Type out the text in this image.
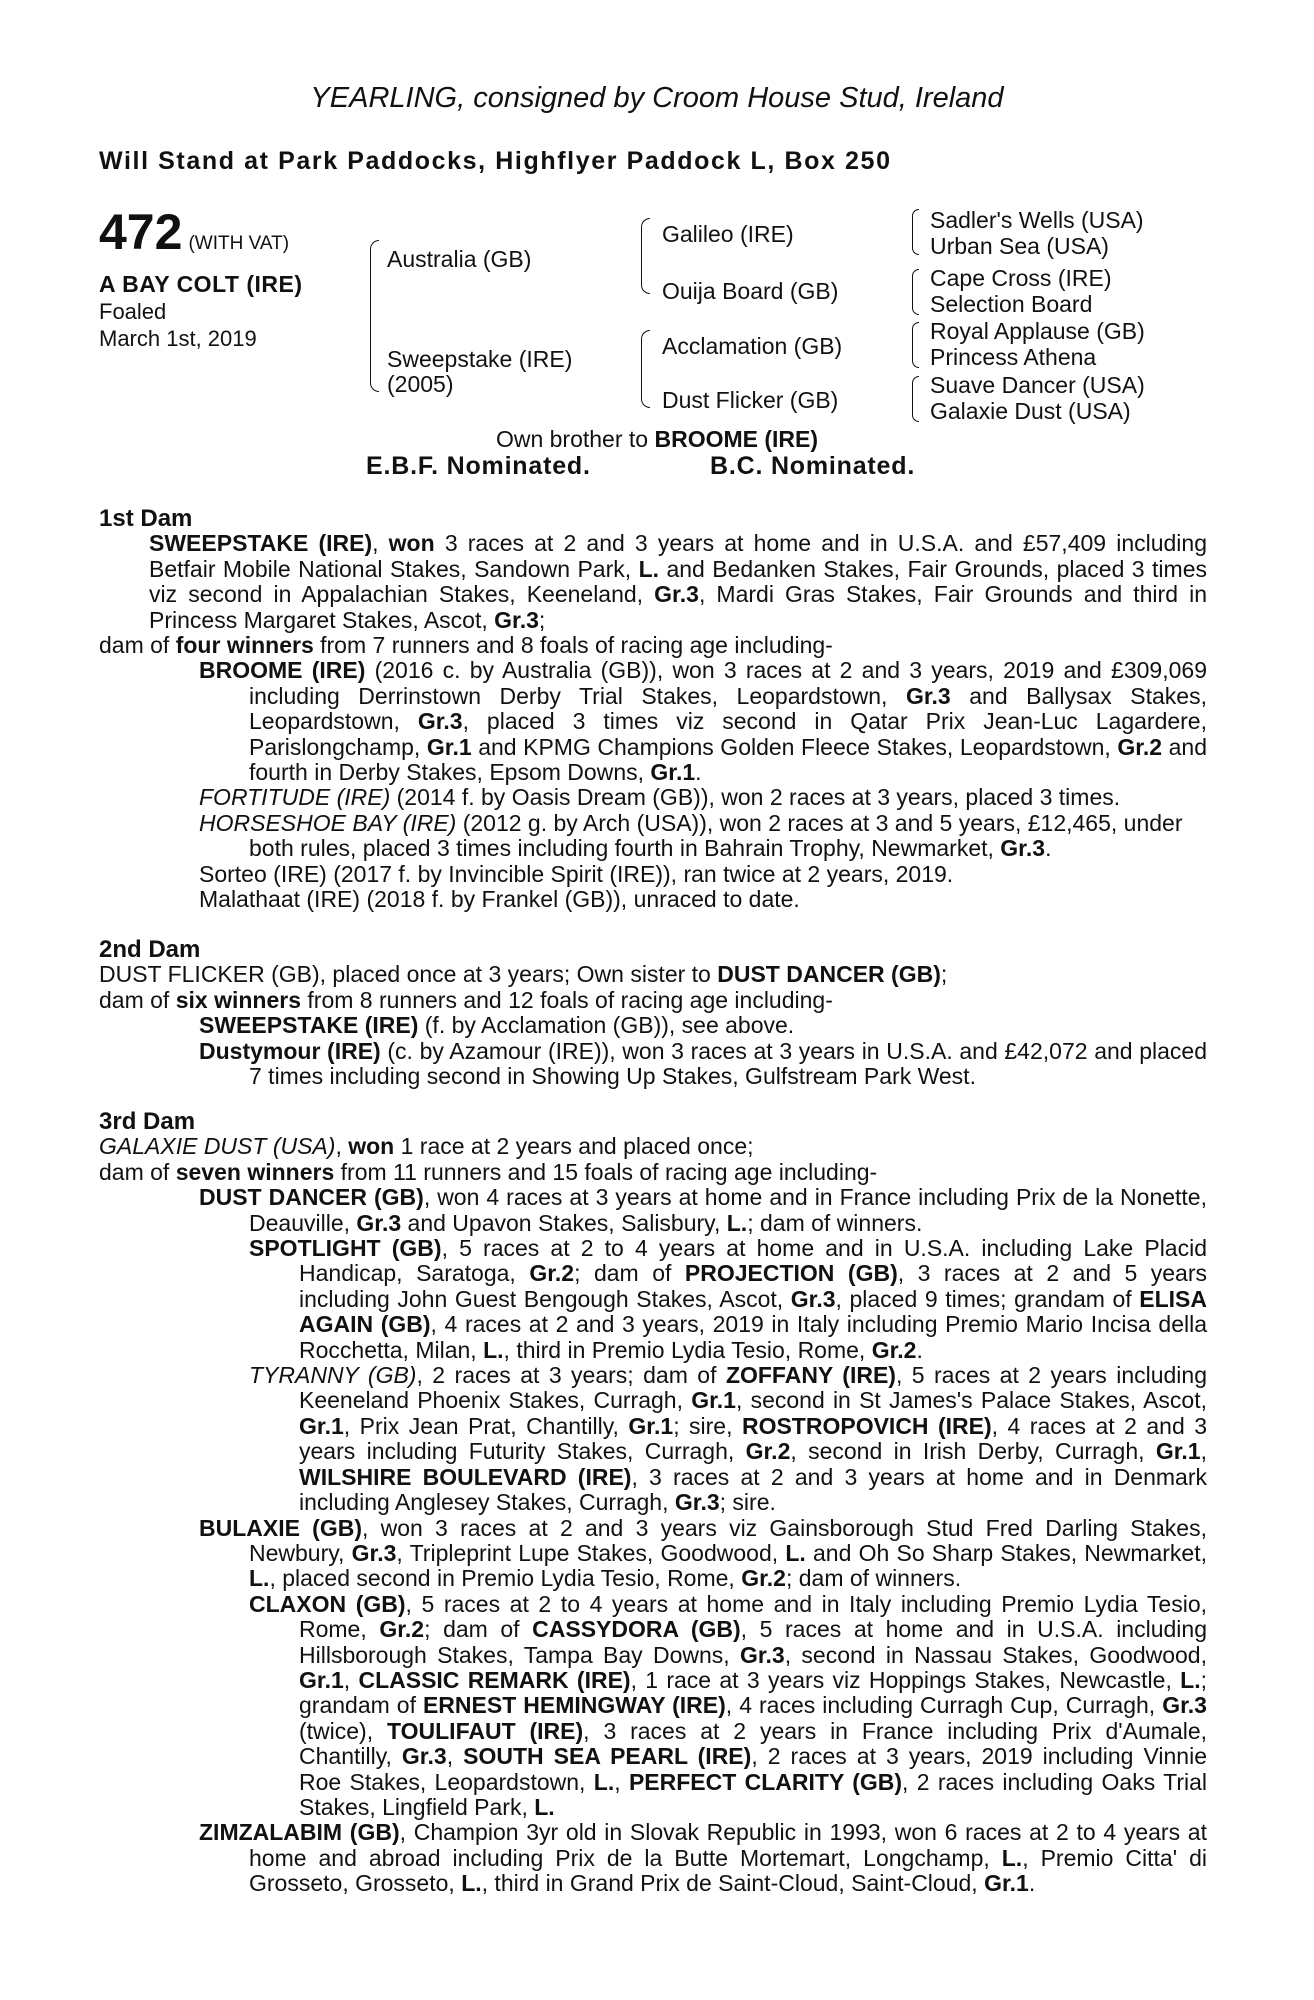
YEARLING, consigned by Croom House Stud, Ireland
Will Stand at Park Paddocks, Highflyer Paddock L, Box 250
472 (WITH VAT)
A BAY COLT (IRE)
Foaled
March 1st, 2019
Australia (GB)
Sweepstake (IRE)
(2005)
Galileo (IRE)
Ouija Board (GB)
Acclamation (GB)
Dust Flicker (GB)
Sadler's Wells (USA)
Urban Sea (USA)
Cape Cross (IRE)
Selection Board
Royal Applause (GB)
Princess Athena
Suave Dancer (USA)
Galaxie Dust (USA)
Own brother to BROOME (IRE)
E.B.F. Nominated.	B.C. Nominated.
1st Dam

SWEEPSTAKE (IRE), won 3 races at 2 and 3 years at home and in U.S.A. and £57,409 including Betfair Mobile National Stakes, Sandown Park, L. and Bedanken Stakes, Fair Grounds, placed 3 times viz second in Appalachian Stakes, Keeneland, Gr.3, Mardi Gras Stakes, Fair Grounds and third in Princess Margaret Stakes, Ascot, Gr.3;

dam of four winners from 7 runners and 8 foals of racing age including-

BROOME (IRE) (2016 c. by Australia (GB)), won 3 races at 2 and 3 years, 2019 and £309,069 including Derrinstown Derby Trial Stakes, Leopardstown, Gr.3 and Ballysax Stakes, Leopardstown, Gr.3, placed 3 times viz second in Qatar Prix Jean-Luc Lagardere, Parislongchamp, Gr.1 and KPMG Champions Golden Fleece Stakes, Leopardstown, Gr.2 and fourth in Derby Stakes, Epsom Downs, Gr.1.

FORTITUDE (IRE) (2014 f. by Oasis Dream (GB)), won 2 races at 3 years, placed 3 times.

HORSESHOE BAY (IRE) (2012 g. by Arch (USA)), won 2 races at 3 and 5 years, £12,465, under both rules, placed 3 times including fourth in Bahrain Trophy, Newmarket, Gr.3.

Sorteo (IRE) (2017 f. by Invincible Spirit (IRE)), ran twice at 2 years, 2019.

Malathaat (IRE) (2018 f. by Frankel (GB)), unraced to date.

2nd Dam

DUST FLICKER (GB), placed once at 3 years; Own sister to DUST DANCER (GB);

dam of six winners from 8 runners and 12 foals of racing age including-

SWEEPSTAKE (IRE) (f. by Acclamation (GB)), see above.

Dustymour (IRE) (c. by Azamour (IRE)), won 3 races at 3 years in U.S.A. and £42,072 and placed 7 times including second in Showing Up Stakes, Gulfstream Park West.

3rd Dam

GALAXIE DUST (USA), won 1 race at 2 years and placed once;

dam of seven winners from 11 runners and 15 foals of racing age including-

DUST DANCER (GB), won 4 races at 3 years at home and in France including Prix de la Nonette, Deauville, Gr.3 and Upavon Stakes, Salisbury, L.; dam of winners.

SPOTLIGHT (GB), 5 races at 2 to 4 years at home and in U.S.A. including Lake Placid Handicap, Saratoga, Gr.2; dam of PROJECTION (GB), 3 races at 2 and 5 years including John Guest Bengough Stakes, Ascot, Gr.3, placed 9 times; grandam of ELISA AGAIN (GB), 4 races at 2 and 3 years, 2019 in Italy including Premio Mario Incisa della Rocchetta, Milan, L., third in Premio Lydia Tesio, Rome, Gr.2.

TYRANNY (GB), 2 races at 3 years; dam of ZOFFANY (IRE), 5 races at 2 years including Keeneland Phoenix Stakes, Curragh, Gr.1, second in St James's Palace Stakes, Ascot, Gr.1, Prix Jean Prat, Chantilly, Gr.1; sire, ROSTROPOVICH (IRE), 4 races at 2 and 3 years including Futurity Stakes, Curragh, Gr.2, second in Irish Derby, Curragh, Gr.1, WILSHIRE BOULEVARD (IRE), 3 races at 2 and 3 years at home and in Denmark including Anglesey Stakes, Curragh, Gr.3; sire.

BULAXIE (GB), won 3 races at 2 and 3 years viz Gainsborough Stud Fred Darling Stakes, Newbury, Gr.3, Tripleprint Lupe Stakes, Goodwood, L. and Oh So Sharp Stakes, Newmarket, L., placed second in Premio Lydia Tesio, Rome, Gr.2; dam of winners.

CLAXON (GB), 5 races at 2 to 4 years at home and in Italy including Premio Lydia Tesio, Rome, Gr.2; dam of CASSYDORA (GB), 5 races at home and in U.S.A. including Hillsborough Stakes, Tampa Bay Downs, Gr.3, second in Nassau Stakes, Goodwood, Gr.1, CLASSIC REMARK (IRE), 1 race at 3 years viz Hoppings Stakes, Newcastle, L.; grandam of ERNEST HEMINGWAY (IRE), 4 races including Curragh Cup, Curragh, Gr.3 (twice), TOULIFAUT (IRE), 3 races at 2 years in France including Prix d'Aumale, Chantilly, Gr.3, SOUTH SEA PEARL (IRE), 2 races at 3 years, 2019 including Vinnie Roe Stakes, Leopardstown, L., PERFECT CLARITY (GB), 2 races including Oaks Trial Stakes, Lingfield Park, L.

ZIMZALABIM (GB), Champion 3yr old in Slovak Republic in 1993, won 6 races at 2 to 4 years at home and abroad including Prix de la Butte Mortemart, Longchamp, L., Premio Citta' di Grosseto, Grosseto, L., third in Grand Prix de Saint-Cloud, Saint-Cloud, Gr.1.
